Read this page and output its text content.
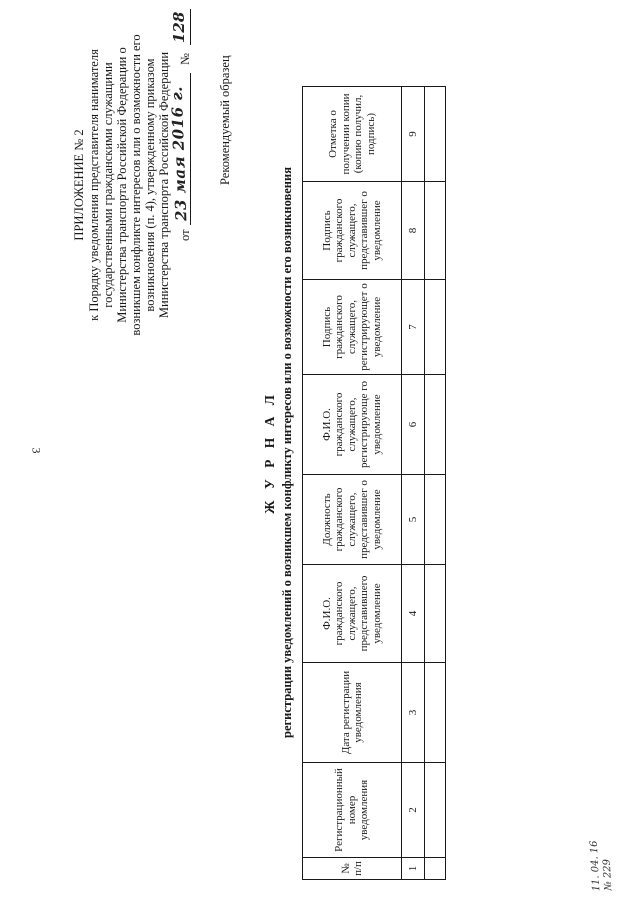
3
ПРИЛОЖЕНИЕ № 2 к Порядку уведомления представителя нанимателя государственными гражданскими служащими Министерства транспорта Российской Федерации о возникшем конфликте интересов или о возможности его возникновения (п. 4), утвержденному приказом Министерства транспорта Российской Федерации от
23 мая 2016 г.
№
128
Рекомендуемый образец
Ж У Р Н А Л регистрации уведомлений о возникшем конфликту интересов или о возможности его возникновения
№ п/п	Регистрационный номер уведомления	Дата регистрации уведомления	Ф.И.О. гражданского служащего, представившего уведомление	Должность гражданского служащего, представившег о уведомление	Ф.И.О. гражданского служащего, регистрирующе го уведомление	Подпись гражданского служащего, регистрирующет о уведомление	Подпись гражданского служащего, представившег о уведомление	Отметка о получении копии (копию получил, подпись)
1	2	3	4	5	6	7	8	9

11. 04. 16 № 229
